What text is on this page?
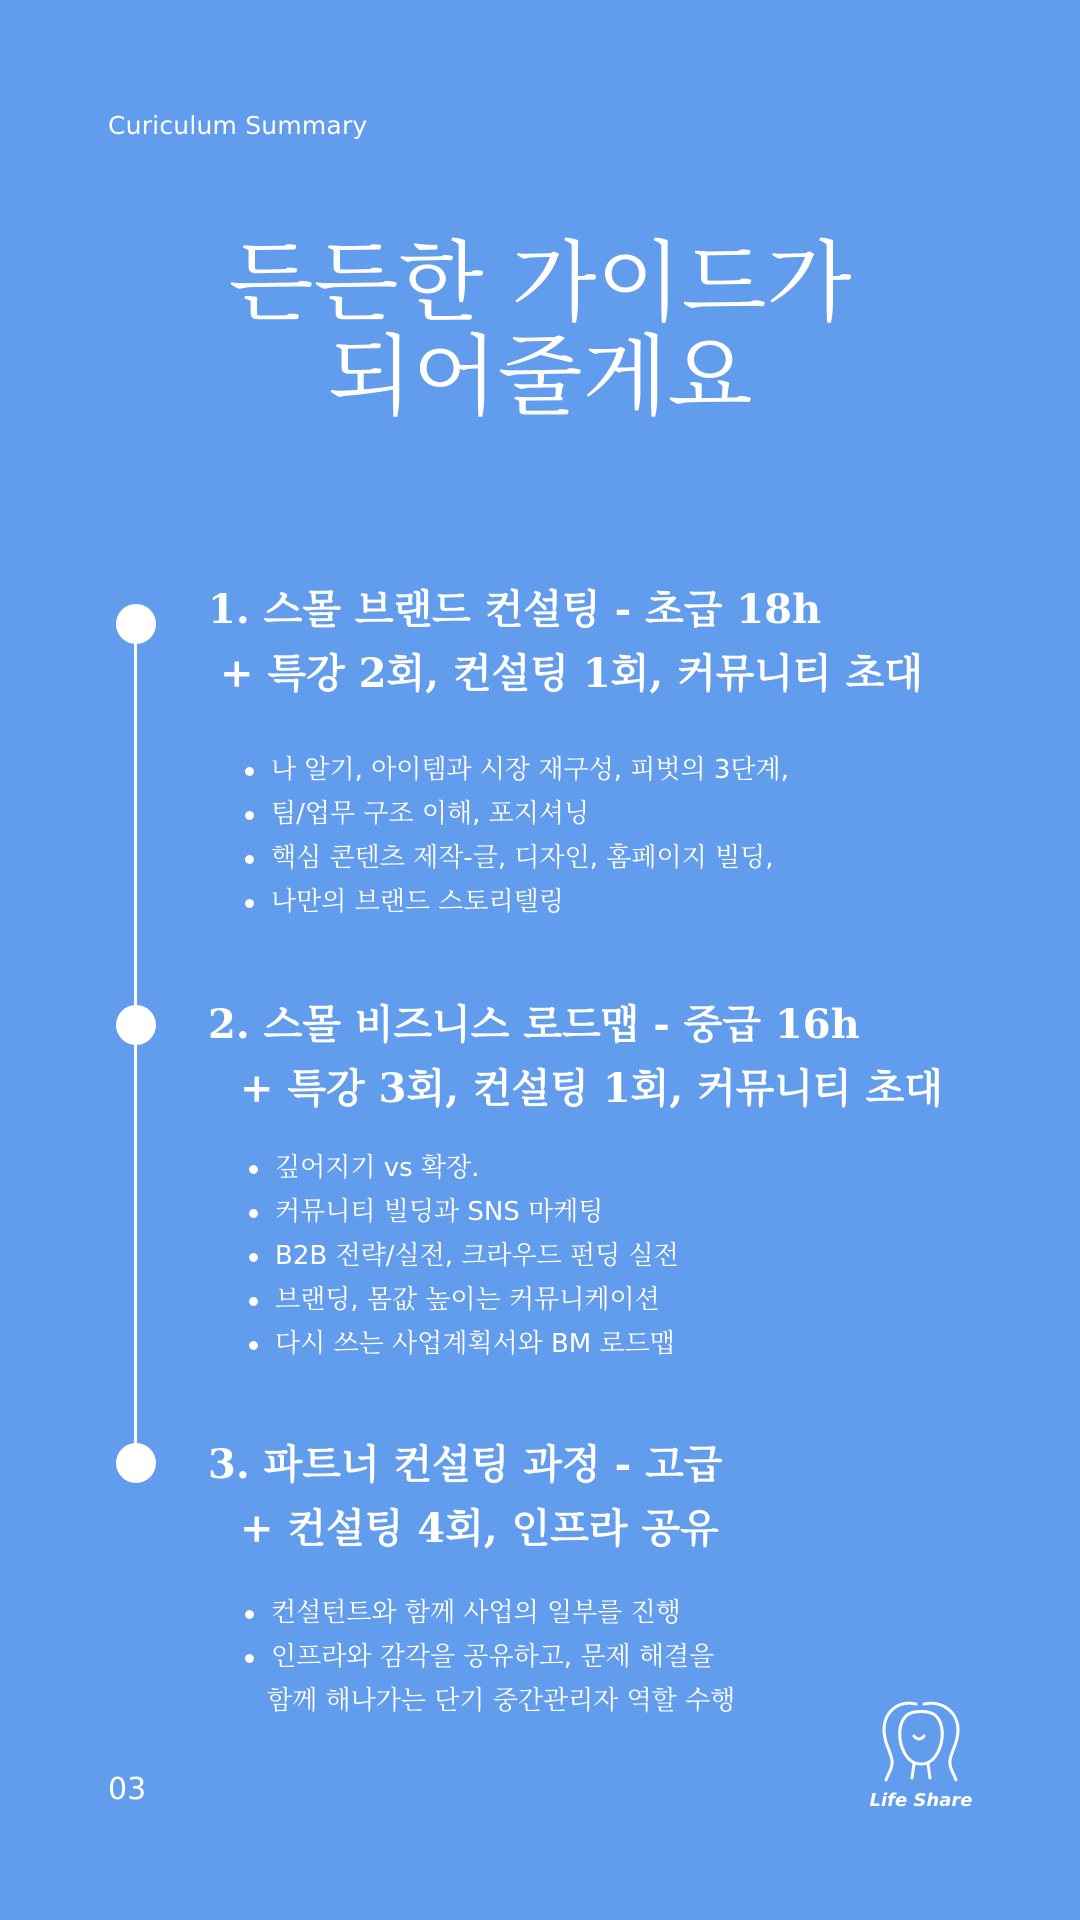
Curiculum Summary
든든한 가이드가
되어줄게요
1. 스몰 브랜드 컨설팅 - 초급 18h
+ 특강 2회, 컨설팅 1회, 커뮤니티 초대
나 알기, 아이템과 시장 재구성, 피벗의 3단계,
팀/업무 구조 이해, 포지셔닝
핵심 콘텐츠 제작-글, 디자인, 홈페이지 빌딩,
나만의 브랜드 스토리텔링
2. 스몰 비즈니스 로드맵 - 중급 16h
+ 특강 3회, 컨설팅 1회, 커뮤니티 초대
깊어지기 vs 확장.
커뮤니티 빌딩과 SNS 마케팅
B2B 전략/실전, 크라우드 펀딩 실전
브랜딩, 몸값 높이는 커뮤니케이션
다시 쓰는 사업계획서와 BM 로드맵
3. 파트너 컨설팅 과정 - 고급
+ 컨설팅 4회, 인프라 공유
컨설턴트와 함께 사업의 일부를 진행
인프라와 감각을 공유하고, 문제 해결을
함께 해나가는 단기 중간관리자 역할 수행
03	Life Share
